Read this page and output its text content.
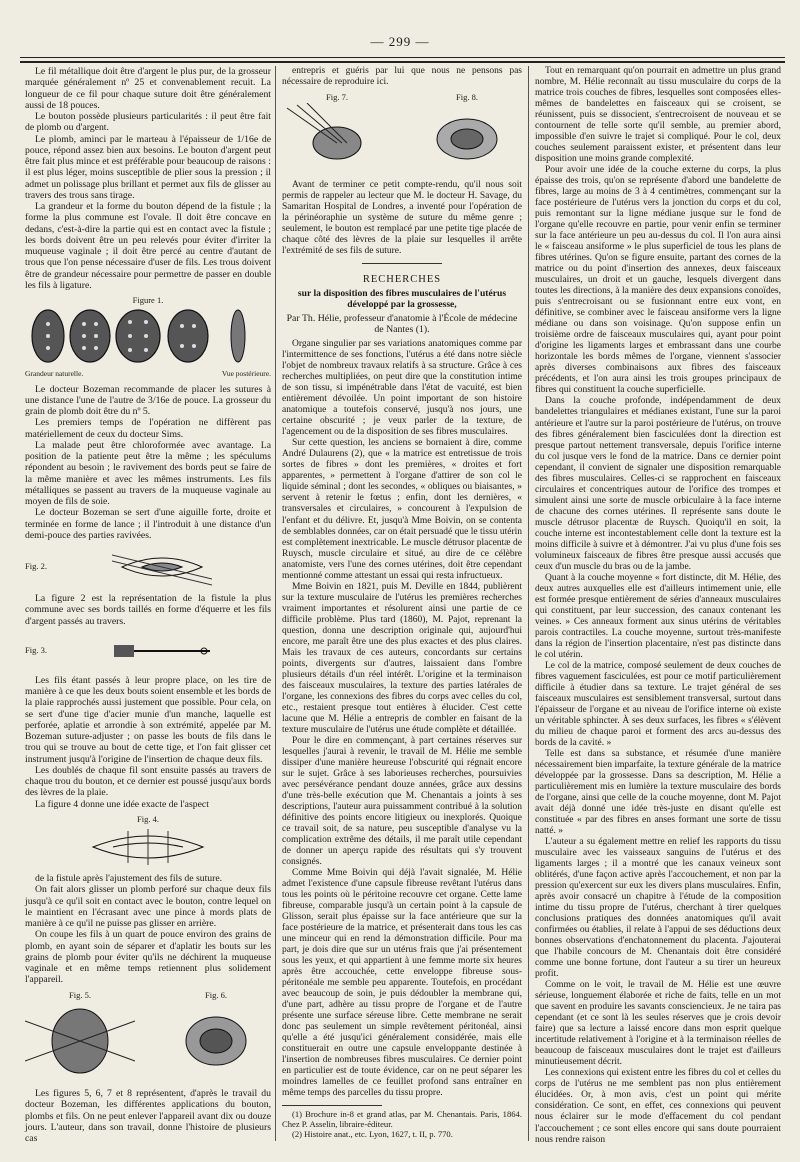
— 299 —

Le fil métallique doit être d'argent le plus pur, de la grosseur marquée généralement nº 25 et convenablement recuit. La longueur de ce fil pour chaque suture doit être généralement aussi de 18 pouces.

Le bouton possède plusieurs particularités : il peut être fait de plomb ou d'argent.

Le plomb, aminci par le marteau à l'épaisseur de 1/16e de pouce, répond assez bien aux besoins. Le bouton d'argent peut être fait plus mince et est préférable pour beaucoup de raisons : il est plus léger, moins susceptible de plier sous la pression ; il admet un polissage plus brillant et permet aux fils de glisser au travers des trous sans tirage.

La grandeur et la forme du bouton dépend de la fistule ; la forme la plus commune est l'ovale. Il doit être concave en dedans, c'est-à-dire la partie qui est en contact avec la fistule ; les bords doivent être un peu relevés pour éviter d'irriter la muqueuse vaginale ; il doit être percé au centre d'autant de trous que l'on pense nécessaire d'user de fils. Les trous doivent être de grandeur nécessaire pour permettre de passer en double les fils à ligature.

Figure 1.
Grandeur naturelle.	Vue postérieure.

Le docteur Bozeman recommande de placer les sutures à une distance l'une de l'autre de 3/16e de pouce. La grosseur du grain de plomb doit être du nº 5.

Les premiers temps de l'opération ne diffèrent pas matériellement de ceux du docteur Sims.

La malade peut être chloroformée avec avantage. La position de la patiente peut être la même ; les spéculums répondent au besoin ; le ravivement des bords peut se faire de la même manière et avec les mêmes instruments. Les fils métalliques se passent au travers de la muqueuse vaginale au moyen de fils de soie.

Le docteur Bozeman se sert d'une aiguille forte, droite et terminée en forme de lance ; il l'introduit à une distance d'un demi-pouce des parties ravivées.

Fig. 2.

La figure 2 est la représentation de la fistule la plus commune avec ses bords taillés en forme d'équerre et les fils d'argent passés au travers.

Fig. 3.

Les fils étant passés à leur propre place, on les tire de manière à ce que les deux bouts soient ensemble et les bords de la plaie rapprochés aussi justement que possible. Pour cela, on se sert d'une tige d'acier munie d'un manche, laquelle est perforée, aplatie et arrondie à son extrémité, appelée par M. Bozeman suture-adjuster ; on passe les bouts de fils dans le trou qui se trouve au bout de cette tige, et l'on fait glisser cet instrument jusqu'à l'origine de l'insertion de chaque deux fils.

Les doublés de chaque fil sont ensuite passés au travers de chaque trou du bouton, et ce dernier est poussé jusqu'aux bords des lèvres de la plaie.

La figure 4 donne une idée exacte de l'aspect

Fig. 4.

de la fistule après l'ajustement des fils de suture.

On fait alors glisser un plomb perforé sur chaque deux fils jusqu'à ce qu'il soit en contact avec le bouton, contre lequel on le maintient en l'écrasant avec une pince à mords plats de manière à ce qu'il ne puisse pas glisser en arrière.

On coupe les fils à un quart de pouce environ des grains de plomb, en ayant soin de séparer et d'aplatir les bouts sur les grains de plomb pour éviter qu'ils ne déchirent la muqueuse vaginale et en même temps retiennent plus solidement l'appareil.

Fig. 5.	Fig. 6.

Les figures 5, 6, 7 et 8 représentent, d'après le travail du docteur Bozeman, les différentes applications du bouton, plombs et fils. On ne peut enlever l'appareil avant dix ou douze jours. L'auteur, dans son travail, donne l'histoire de plusieurs cas

entrepris et guéris par lui que nous ne pensons pas nécessaire de reproduire ici.

Fig. 7.	Fig. 8.

Avant de terminer ce petit compte-rendu, qu'il nous soit permis de rappeler au lecteur que M. le docteur H. Savage, du Samaritan Hospital de Londres, a inventé pour l'opération de la périnéoraphie un système de suture du même genre ; seulement, le bouton est remplacé par une petite tige placée de chaque côté des lèvres de la plaie sur lesquelles il arrête l'extrémité de ses fils de suture.

RECHERCHES
sur la disposition des fibres musculaires de l'utérus développé par la grossesse,
Par Th. Hélie, professeur d'anatomie à l'École de médecine de Nantes (1).

Organe singulier par ses variations anatomiques comme par l'intermittence de ses fonctions, l'utérus a été dans notre siècle l'objet de nombreux travaux relatifs à sa structure. Grâce à ces recherches multipliées, on peut dire que la constitution intime de son tissu, si impénétrable dans l'état de vacuité, est bien entièrement dévoilée. Un point important de son histoire anatomique a toutefois conservé, jusqu'à nos jours, une certaine obscurité ; je veux parler de la texture, de l'agencement ou de la disposition de ses fibres musculaires.

Sur cette question, les anciens se bornaient à dire, comme André Dulaurens (2), que « la matrice est entretissue de trois sortes de fibres » dont les premières, « droites et fort apparentes, » permettent à l'organe d'attirer de son col le liquide séminal ; dont les secondes, « obliques ou biaisantes, » servent à retenir le fœtus ; enfin, dont les dernières, « transversales et circulaires, » concourent à l'expulsion de l'enfant et du délivre. Et, jusqu'à Mme Boivin, on se contenta de semblables données, car on était persuadé que le tissu utérin est complètement inextricable. Le muscle détrusor placentæ de Ruysch, muscle circulaire et situé, au dire de ce célèbre anatomiste, vers l'une des cornes utérines, doit être cependant mentionné comme attestant un essai qui resta infructueux.

Mme Boivin en 1821, puis M. Deville en 1844, publièrent sur la texture musculaire de l'utérus les premières recherches vraiment importantes et résolurent ainsi une partie de ce difficile problème. Plus tard (1860), M. Pajot, reprenant la question, donna une description originale qui, aujourd'hui encore, me paraît être une des plus exactes et des plus claires. Mais les travaux de ces auteurs, concordants sur certains points, divergents sur d'autres, laissaient dans l'ombre plusieurs détails d'un réel intérêt. L'origine et la terminaison des faisceaux musculaires, la texture des parties latérales de l'organe, les connexions des fibres du corps avec celles du col, etc., restaient presque tout entières à élucider. C'est cette lacune que M. Hélie a entrepris de combler en faisant de la texture musculaire de l'utérus une étude complète et détaillée.

Pour le dire en commençant, à part certaines réserves sur lesquelles j'aurai à revenir, le travail de M. Hélie me semble dissiper d'une manière heureuse l'obscurité qui régnait encore sur le sujet. Grâce à ses laborieuses recherches, poursuivies avec persévérance pendant douze années, grâce aux dessins d'une très-belle exécution que M. Chenantais a joints à ses descriptions, l'auteur aura puissamment contribué à la solution définitive des points encore litigieux ou inexplorés. Quoique ce travail soit, de sa nature, peu susceptible d'analyse vu la complication extrême des détails, il me paraît utile cependant de donner un aperçu rapide des résultats qui s'y trouvent consignés.

Comme Mme Boivin qui déjà l'avait signalée, M. Hélie admet l'existence d'une capsule fibreuse revêtant l'utérus dans tous les points où le péritoine recouvre cet organe. Cette lame fibreuse, comparable jusqu'à un certain point à la capsule de Glisson, serait plus épaisse sur la face antérieure que sur la face postérieure de la matrice, et présenterait dans tous les cas une minceur qui en rend la démonstration difficile. Pour ma part, je dois dire que sur un utérus frais que j'ai présentement sous les yeux, et qui appartient à une femme morte six heures après être accouchée, cette enveloppe fibreuse sous-péritonéale me semble peu apparente. Toutefois, en procédant avec beaucoup de soin, je puis dédoubler la membrane qui, d'une part, adhère au tissu propre de l'organe et de l'autre présente une surface séreuse libre. Cette membrane ne serait donc pas seulement un simple revêtement péritonéal, ainsi qu'elle a été jusqu'ici généralement considérée, mais elle constituerait en outre une capsule enveloppante destinée à l'insertion de nombreuses fibres musculaires. Ce dernier point en particulier est de toute évidence, car on ne peut séparer les moindres lamelles de ce feuillet profond sans entraîner en même temps des parcelles du tissu propre.

(1) Brochure in-8 et grand atlas, par M. Chenantais. Paris, 1864. Chez P. Asselin, libraire-éditeur.

(2) Histoire anat., etc. Lyon, 1627, t. II, p. 770.

Tout en remarquant qu'on pourrait en admettre un plus grand nombre, M. Hélie reconnaît au tissu musculaire du corps de la matrice trois couches de fibres, lesquelles sont composées elles-mêmes de bandelettes en faisceaux qui se croisent, se réunissent, puis se dissocient, s'entrecroisent de nouveau et se contournent de telle sorte qu'il semble, au premier abord, impossible d'en suivre le trajet si compliqué. Pour le col, deux couches seulement paraissent exister, et présentent dans leur disposition une moins grande complexité.

Pour avoir une idée de la couche externe du corps, la plus épaisse des trois, qu'on se représente d'abord une bandelette de fibres, large au moins de 3 à 4 centimètres, commençant sur la face postérieure de l'utérus vers la jonction du corps et du col, puis remontant sur la ligne médiane jusque sur le fond de l'organe qu'elle recouvre en partie, pour venir enfin se terminer sur la face antérieure un peu au-dessus du col. Il l'on aura ainsi le « faisceau ansiforme » le plus superficiel de tous les plans de fibres utérines. Qu'on se figure ensuite, partant des cornes de la matrice ou du point d'insertion des annexes, deux faisceaux musculaires, un droit et un gauche, lesquels divergent dans toutes les directions, à la manière des deux expansions conoïdes, puis s'entrecroisant ou se fusionnant entre eux vont, en définitive, se combiner avec le faisceau ansiforme vers la ligne médiane ou dans son voisinage. Qu'on suppose enfin un troisième ordre de faisceaux musculaires qui, ayant pour point d'origine les ligaments larges et embrassant dans une courbe horizontale les bords mêmes de l'organe, viennent s'associer après diverses combinaisons aux fibres des faisceaux précédents, et l'on aura ainsi les trois groupes principaux de fibres qui constituent la couche superficielle.

Dans la couche profonde, indépendamment de deux bandelettes triangulaires et médianes existant, l'une sur la paroi antérieure et l'autre sur la paroi postérieure de l'utérus, on trouve des fibres généralement bien fasciculées dont la direction est presque partout nettement transversale, depuis l'orifice interne du col jusque vers le fond de la matrice. Dans ce dernier point cependant, il convient de signaler une disposition remarquable des fibres musculaires. Celles-ci se rapprochent en faisceaux circulaires et concentriques autour de l'orifice des trompes et simulent ainsi une sorte de muscle orbiculaire à la face interne de chacune des cornes utérines. Il représente sans doute le muscle détrusor placentæ de Ruysch. Quoiqu'il en soit, la couche interne est incontestablement celle dont la texture est la moins difficile à suivre et à démontrer. J'ai vu plus d'une fois ses volumineux faisceaux de fibres être presque aussi accusés que ceux d'un muscle du bras ou de la jambe.

Quant à la couche moyenne « fort distincte, dit M. Hélie, des deux autres auxquelles elle est d'ailleurs intimement unie, elle est formée presque entièrement de séries d'anneaux musculaires qui constituent, par leur succession, des canaux contenant les veines. » Ces anneaux forment aux sinus utérins de véritables parois contractiles. La couche moyenne, surtout très-manifeste dans la région de l'insertion placentaire, n'est pas distincte dans le col utérin.

Le col de la matrice, composé seulement de deux couches de fibres vaguement fasciculées, est pour ce motif particulièrement difficile à étudier dans sa texture. Le trajet général de ses faisceaux musculaires est sensiblement transversal, surtout dans l'épaisseur de l'organe et au niveau de l'orifice interne où existe un véritable sphincter. À ses deux surfaces, les fibres « s'élèvent du milieu de chaque paroi et forment des arcs au-dessus des bords de la cavité. »

Telle est dans sa substance, et résumée d'une manière nécessairement bien imparfaite, la texture générale de la matrice développée par la grossesse. Dans sa description, M. Hélie a particulièrement mis en lumière la texture musculaire des bords de l'organe, ainsi que celle de la couche moyenne, dont M. Pajot avait déjà donné une idée très-juste en disant qu'elle est constituée « par des fibres en anses formant une sorte de tissu natté. »

L'auteur a su également mettre en relief les rapports du tissu musculaire avec les vaisseaux sanguins de l'utérus et des ligaments larges ; il a montré que les canaux veineux sont oblitérés, d'une façon active après l'accouchement, et non par la pression qu'exercent sur eux les divers plans musculaires. Enfin, après avoir consacré un chapitre à l'étude de la composition intime du tissu propre de l'utérus, cherchant à tirer quelques conclusions pratiques des données anatomiques qu'il avait confirmées ou établies, il relate à l'appui de ses déductions deux bonnes observations d'enchatonnement du placenta. J'ajouterai que l'habile concours de M. Chenantais doit être considéré comme une bonne fortune, dont l'auteur a su tirer un heureux profit.

Comme on le voit, le travail de M. Hélie est une œuvre sérieuse, longuement élaborée et riche de faits, telle en un mot que savent en produire les savants consciencieux. Je ne taira pas cependant (et ce sont là les seules réserves que je crois devoir faire) que sa lecture a laissé encore dans mon esprit quelque incertitude relativement à l'origine et à la terminaison réelles de beaucoup de faisceaux musculaires dont le trajet est d'ailleurs minutieusement décrit.

Les connexions qui existent entre les fibres du col et celles du corps de l'utérus ne me semblent pas non plus entièrement élucidées. Or, à mon avis, c'est un point qui mérite considération. Ce sont, en effet, ces connexions qui peuvent nous éclairer sur le mode d'effacement du col pendant l'accouchement ; ce sont elles encore qui sans doute pourraient nous rendre raison
